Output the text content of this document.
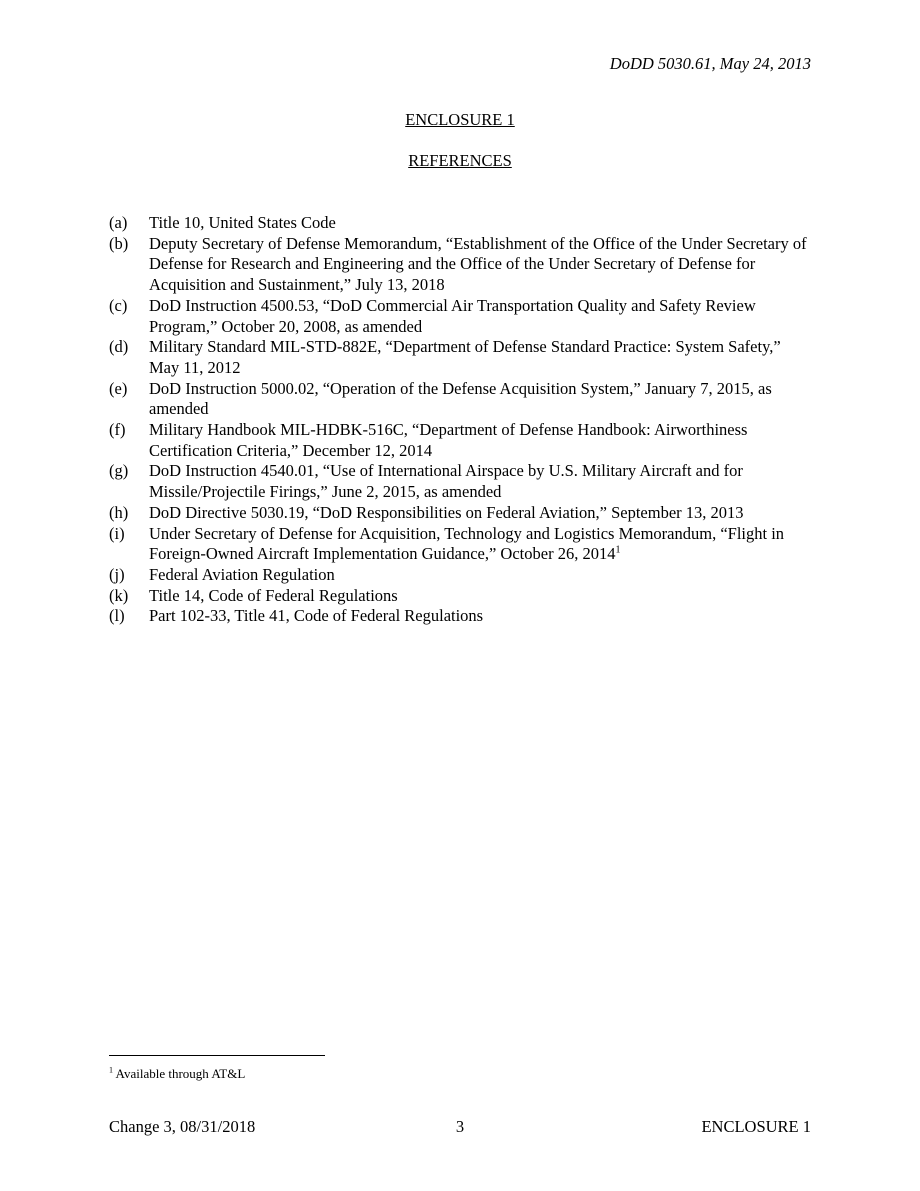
DoDD 5030.61, May 24, 2013

ENCLOSURE 1

REFERENCES

(a)	Title 10, United States Code
(b)	Deputy Secretary of Defense Memorandum, “Establishment of the Office of the Under Secretary of Defense for Research and Engineering and the Office of the Under Secretary of Defense for Acquisition and Sustainment,” July 13, 2018
(c)	DoD Instruction 4500.53, “DoD Commercial Air Transportation Quality and Safety Review Program,” October 20, 2008, as amended
(d)	Military Standard MIL-STD-882E, “Department of Defense Standard Practice: System Safety,” May 11, 2012
(e)	DoD Instruction 5000.02, “Operation of the Defense Acquisition System,” January 7, 2015, as amended
(f)	Military Handbook MIL-HDBK-516C, “Department of Defense Handbook: Airworthiness Certification Criteria,” December 12, 2014
(g)	DoD Instruction 4540.01, “Use of International Airspace by U.S. Military Aircraft and for Missile/Projectile Firings,” June 2, 2015, as amended
(h)	DoD Directive 5030.19, “DoD Responsibilities on Federal Aviation,” September 13, 2013
(i)	Under Secretary of Defense for Acquisition, Technology and Logistics Memorandum, “Flight in Foreign-Owned Aircraft Implementation Guidance,” October 26, 2014$^1$
(j)	Federal Aviation Regulation
(k)	Title 14, Code of Federal Regulations
(l)	Part 102-33, Title 41, Code of Federal Regulations

$^1$ Available through AT&L

Change 3, 08/31/2018	3	ENCLOSURE 1
